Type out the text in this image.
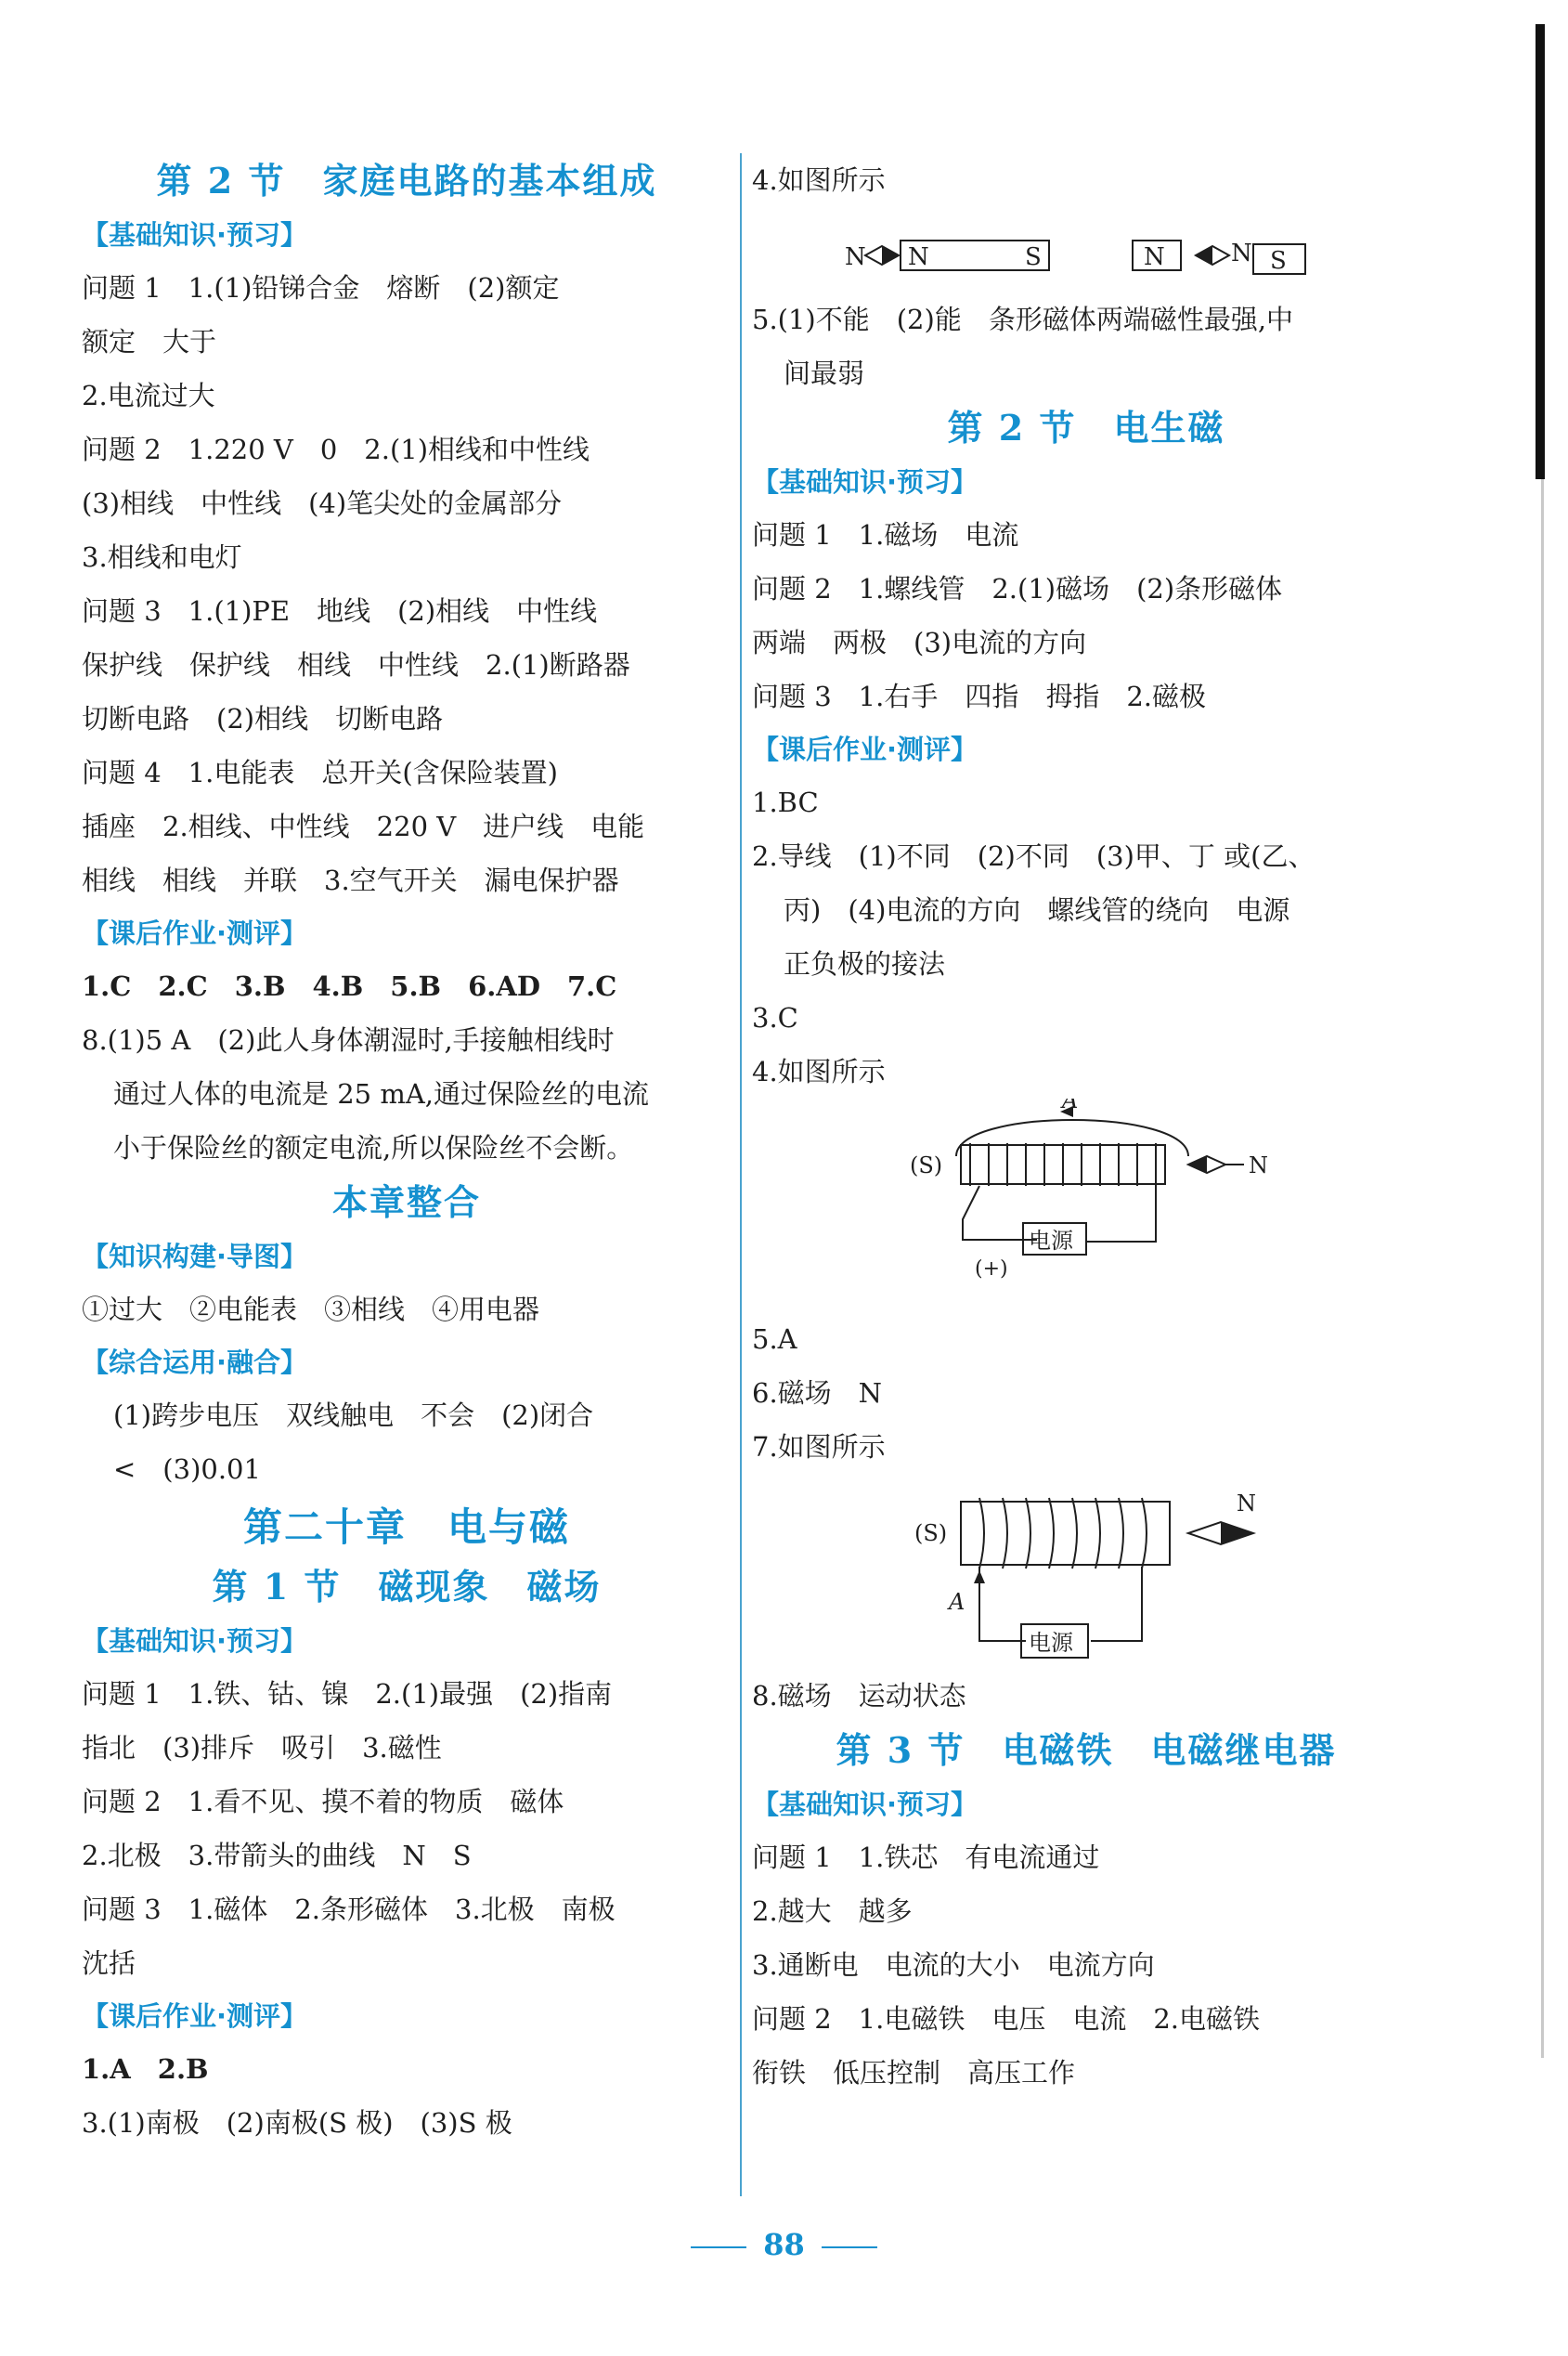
第 2 节　家庭电路的基本组成
【基础知识·预习】
问题 1　1.(1)铅锑合金　熔断　(2)额定
额定　大于
2.电流过大
问题 2　1.220 V　0　2.(1)相线和中性线
(3)相线　中性线　(4)笔尖处的金属部分
3.相线和电灯
问题 3　1.(1)PE　地线　(2)相线　中性线
保护线　保护线　相线　中性线　2.(1)断路器
切断电路　(2)相线　切断电路
问题 4　1.电能表　总开关(含保险装置)
插座　2.相线、中性线　220 V　进户线　电能
相线　相线　并联　3.空气开关　漏电保护器
【课后作业·测评】
1.C　2.C　3.B　4.B　5.B　6.AD　7.C
8.(1)5 A　(2)此人身体潮湿时,手接触相线时
通过人体的电流是 25 mA,通过保险丝的电流
小于保险丝的额定电流,所以保险丝不会断。
本章整合
【知识构建·导图】
①过大　②电能表　③相线　④用电器
【综合运用·融合】
(1)跨步电压　双线触电　不会　(2)闭合
<　(3)0.01
第二十章　电与磁
第 1 节　磁现象　磁场
【基础知识·预习】
问题 1　1.铁、钴、镍　2.(1)最强　(2)指南
指北　(3)排斥　吸引　3.磁性
问题 2　1.看不见、摸不着的物质　磁体
2.北极　3.带箭头的曲线　N　S
问题 3　1.磁体　2.条形磁体　3.北极　南极
沈括
【课后作业·测评】
1.A　2.B
3.(1)南极　(2)南极(S 极)　(3)S 极
4.如图所示
N N	S	N	N S
5.(1)不能　(2)能　条形磁体两端磁性最强,中
间最弱
第 2 节　电生磁
【基础知识·预习】
问题 1　1.磁场　电流
问题 2　1.螺线管　2.(1)磁场　(2)条形磁体
两端　两极　(3)电流的方向
问题 3　1.右手　四指　拇指　2.磁极
【课后作业·测评】
1.BC
2.导线　(1)不同　(2)不同　(3)甲、丁 或(乙、
丙)　(4)电流的方向　螺线管的绕向　电源
正负极的接法
3.C
4.如图所示
A
(S)	N
电源
(+)
5.A
6.磁场　N
7.如图所示
(S)
N
A
电源
8.磁场　运动状态
第 3 节　电磁铁　电磁继电器
【基础知识·预习】
问题 1　1.铁芯　有电流通过
2.越大　越多
3.通断电　电流的大小　电流方向
问题 2　1.电磁铁　电压　电流　2.电磁铁
衔铁　低压控制　高压工作
88
